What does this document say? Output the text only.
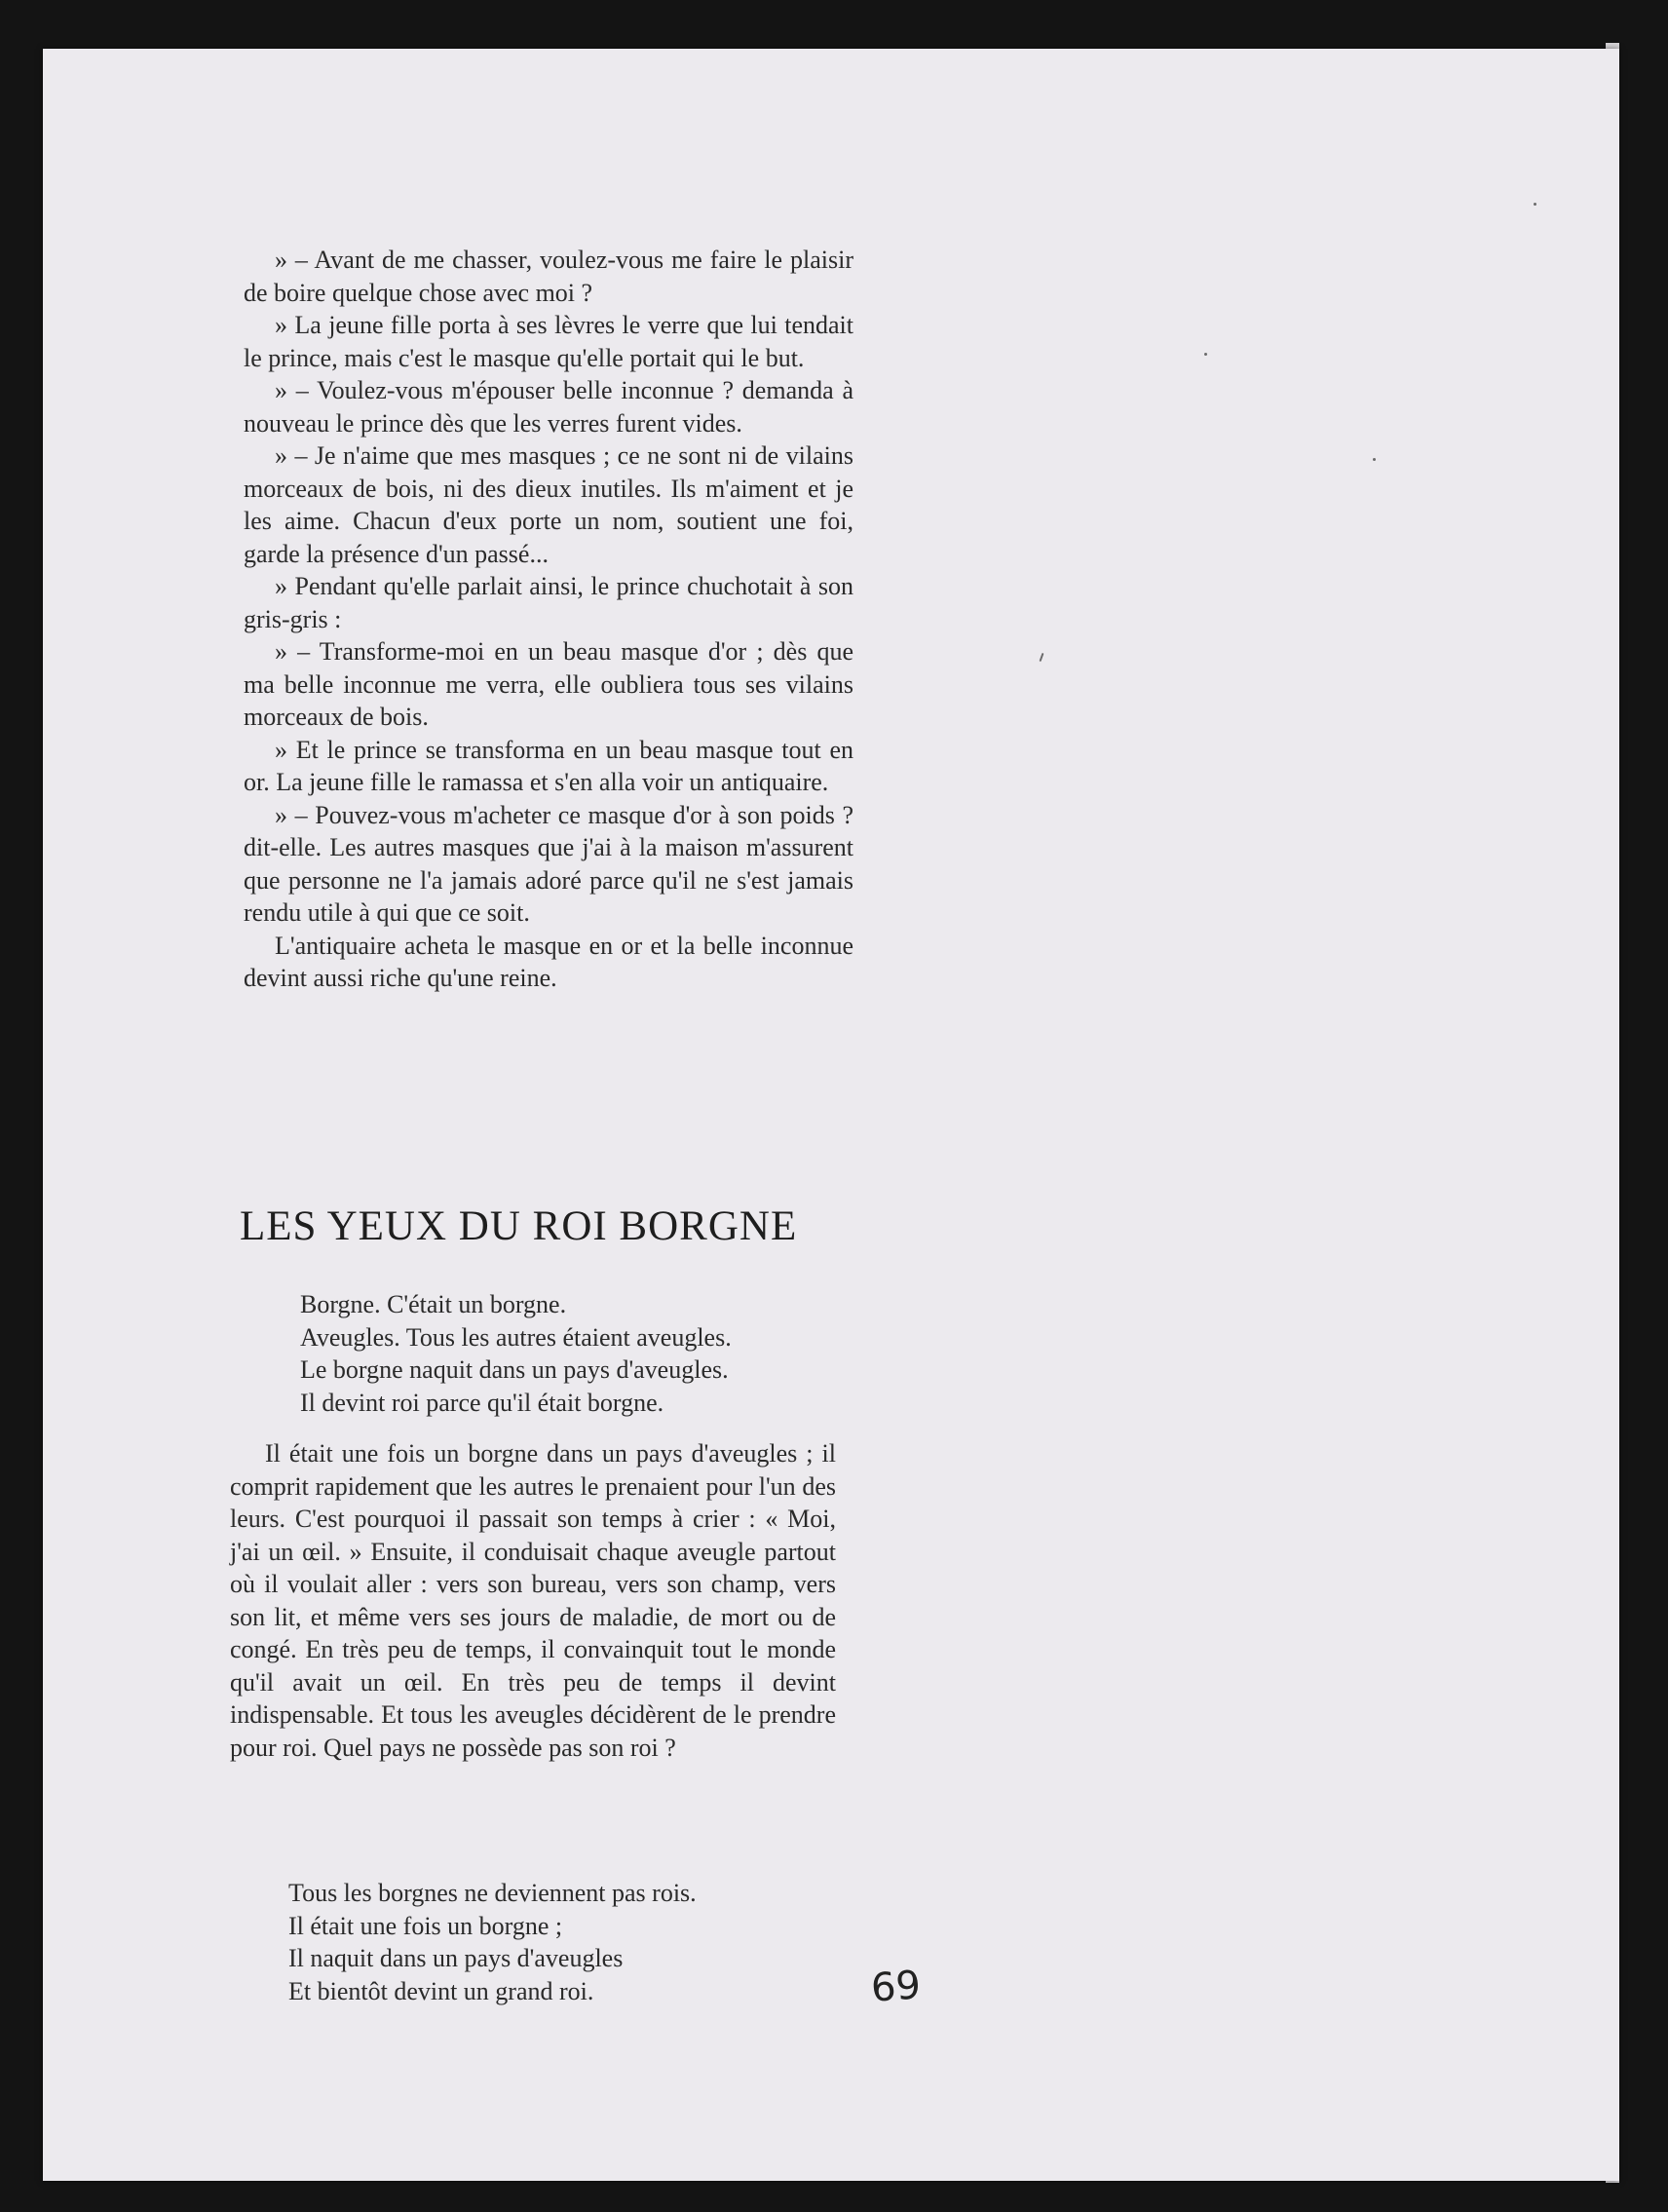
» – Avant de me chasser, voulez-vous me faire le plaisir de boire quelque chose avec moi ?

» La jeune fille porta à ses lèvres le verre que lui tendait le prince, mais c'est le masque qu'elle portait qui le but.

» – Voulez-vous m'épouser belle inconnue ? demanda à nouveau le prince dès que les verres furent vides.

» – Je n'aime que mes masques ; ce ne sont ni de vilains morceaux de bois, ni des dieux inutiles. Ils m'aiment et je les aime. Chacun d'eux porte un nom, soutient une foi, garde la présence d'un passé...

» Pendant qu'elle parlait ainsi, le prince chuchotait à son gris-gris :

» – Transforme-moi en un beau masque d'or ; dès que ma belle inconnue me verra, elle oubliera tous ses vilains morceaux de bois.

» Et le prince se transforma en un beau masque tout en or. La jeune fille le ramassa et s'en alla voir un antiquaire.

» – Pouvez-vous m'acheter ce masque d'or à son poids ? dit-elle. Les autres masques que j'ai à la maison m'assurent que personne ne l'a jamais adoré parce qu'il ne s'est jamais rendu utile à qui que ce soit.

L'antiquaire acheta le masque en or et la belle inconnue devint aussi riche qu'une reine.

LES YEUX DU ROI BORGNE
Borgne. C'était un borgne.
Aveugles. Tous les autres étaient aveugles.
Le borgne naquit dans un pays d'aveugles.
Il devint roi parce qu'il était borgne.

Il était une fois un borgne dans un pays d'aveugles ; il comprit rapidement que les autres le prenaient pour l'un des leurs. C'est pourquoi il passait son temps à crier : « Moi, j'ai un œil. » Ensuite, il conduisait chaque aveugle partout où il voulait aller : vers son bureau, vers son champ, vers son lit, et même vers ses jours de maladie, de mort ou de congé. En très peu de temps, il convainquit tout le monde qu'il avait un œil. En très peu de temps il devint indispensable. Et tous les aveugles décidèrent de le prendre pour roi. Quel pays ne possède pas son roi ?

Tous les borgnes ne deviennent pas rois.
Il était une fois un borgne ;
Il naquit dans un pays d'aveugles
Et bientôt devint un grand roi.	69
